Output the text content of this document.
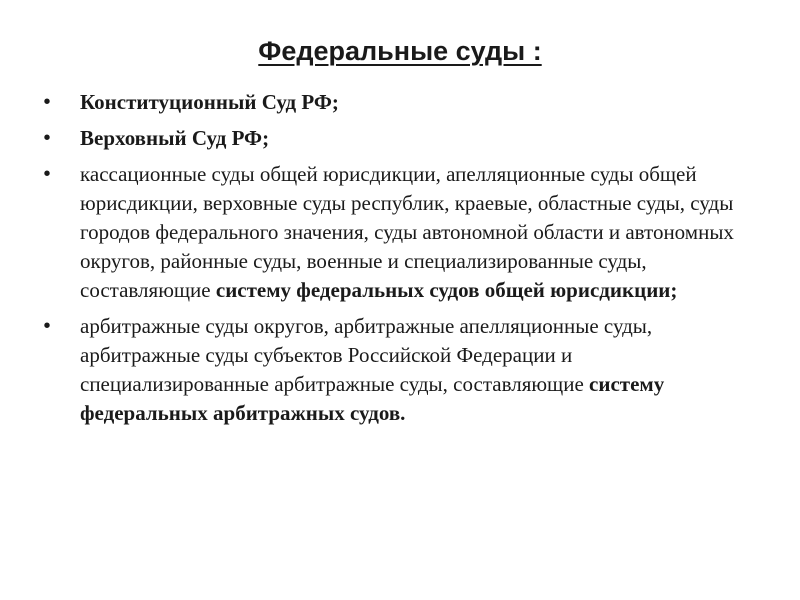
Федеральные суды :
•	Конституционный Суд РФ;
•	Верховный Суд РФ;
•	кассационные суды общей юрисдикции, апелляционные суды общей юрисдикции, верховные суды республик, краевые, областные суды, суды городов федерального значения, суды автономной области и автономных округов, районные суды, военные и специализированные суды, составляющие систему федеральных судов общей юрисдикции;
•	арбитражные суды округов, арбитражные апелляционные суды, арбитражные суды субъектов Российской Федерации и специализированные арбитражные суды, составляющие систему федеральных арбитражных судов.
